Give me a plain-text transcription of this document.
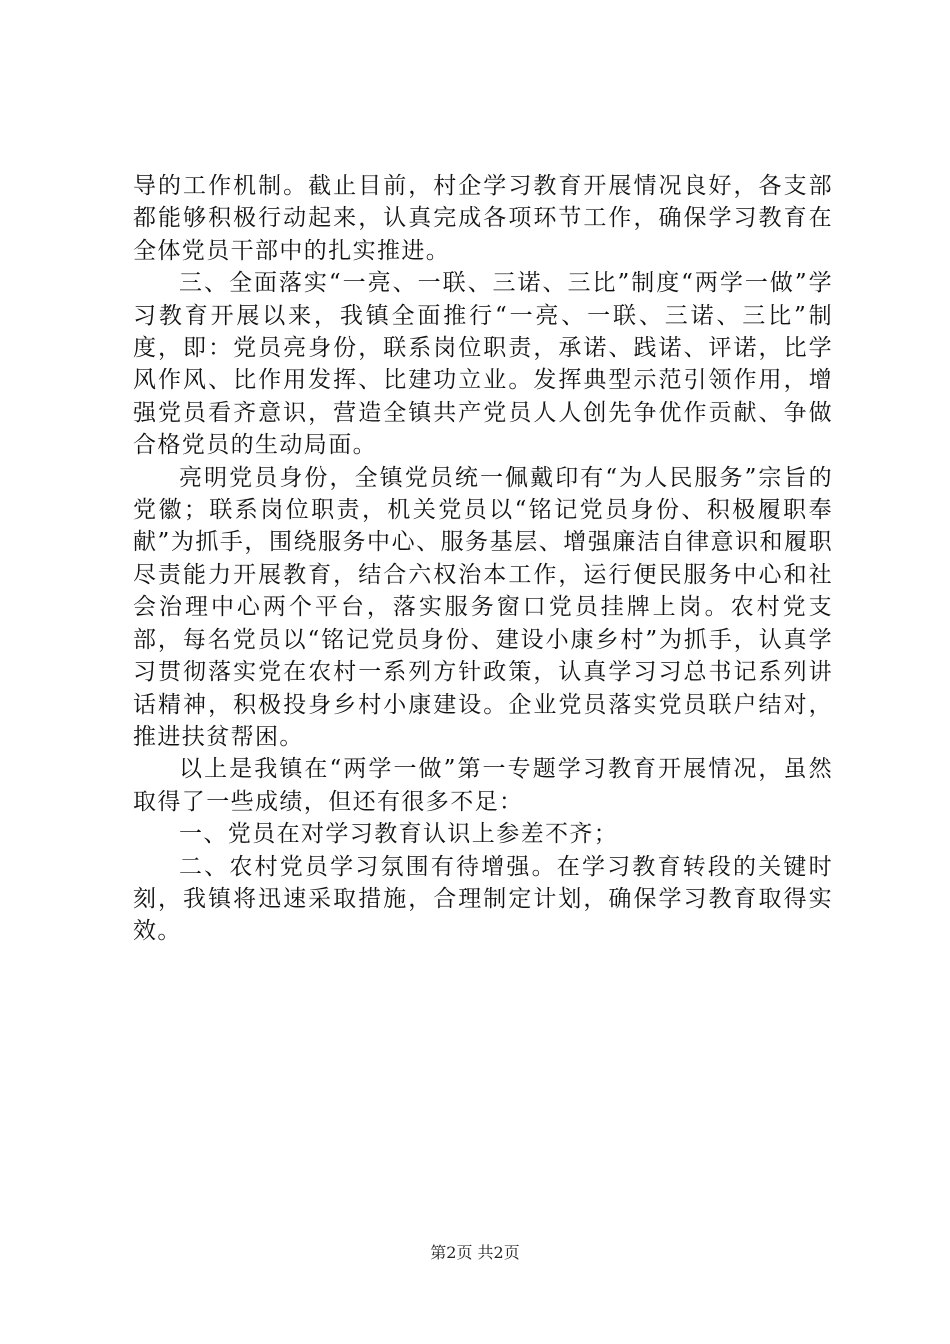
导的工作机制。截止目前，村企学习教育开展情况良好，各支部都能够积极行动起来，认真完成各项环节工作，确保学习教育在全体党员干部中的扎实推进。

三、全面落实“一亮、一联、三诺、三比”制度“两学一做”学习教育开展以来，我镇全面推行“一亮、一联、三诺、三比”制度，即：党员亮身份，联系岗位职责，承诺、践诺、评诺，比学风作风、比作用发挥、比建功立业。发挥典型示范引领作用，增强党员看齐意识，营造全镇共产党员人人创先争优作贡献、争做合格党员的生动局面。

亮明党员身份，全镇党员统一佩戴印有“为人民服务”宗旨的党徽；联系岗位职责，机关党员以“铭记党员身份、积极履职奉献”为抓手，围绕服务中心、服务基层、增强廉洁自律意识和履职尽责能力开展教育，结合六权治本工作，运行便民服务中心和社会治理中心两个平台，落实服务窗口党员挂牌上岗。农村党支部，每名党员以“铭记党员身份、建设小康乡村”为抓手，认真学习贯彻落实党在农村一系列方针政策，认真学习习总书记系列讲话精神，积极投身乡村小康建设。企业党员落实党员联户结对，推进扶贫帮困。

以上是我镇在“两学一做”第一专题学习教育开展情况，虽然取得了一些成绩，但还有很多不足：

一、党员在对学习教育认识上参差不齐；

二、农村党员学习氛围有待增强。在学习教育转段的关键时刻，我镇将迅速采取措施，合理制定计划，确保学习教育取得实效。

第2页 共2页
